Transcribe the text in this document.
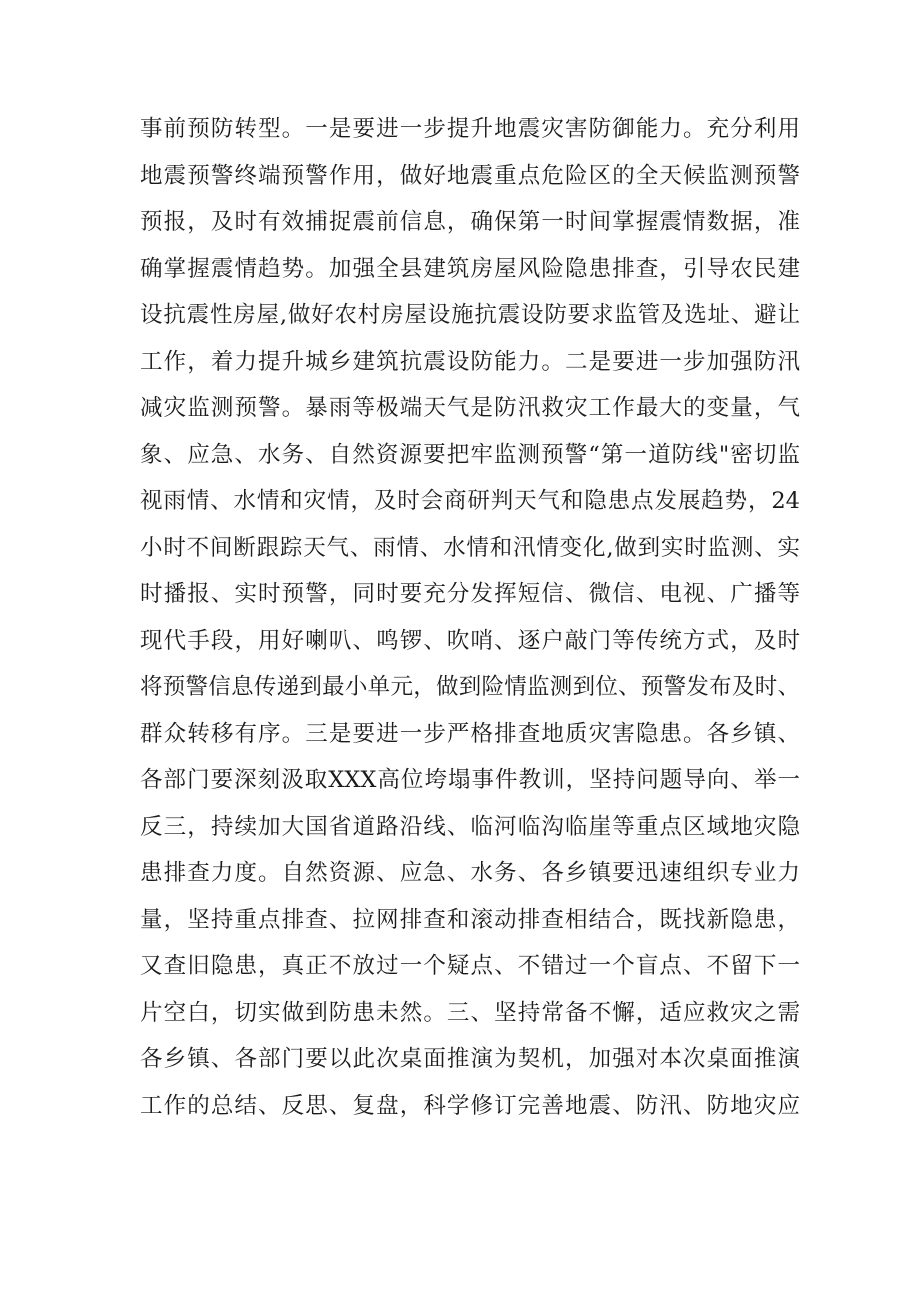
事前预防转型。一是要进一步提升地震灾害防御能力。充分利用
地震预警终端预警作用，做好地震重点危险区的全天候监测预警
预报，及时有效捕捉震前信息，确保第一时间掌握震情数据，准
确掌握震情趋势。加强全县建筑房屋风险隐患排查，引导农民建
设抗震性房屋,做好农村房屋设施抗震设防要求监管及选址、避让
工作，着力提升城乡建筑抗震设防能力。二是要进一步加强防汛
减灾监测预警。暴雨等极端天气是防汛救灾工作最大的变量，气
象、应急、水务、自然资源要把牢监测预警“第一道防线"密切监
视雨情、水情和灾情，及时会商研判天气和隐患点发展趋势，24
小时不间断跟踪天气、雨情、水情和汛情变化,做到实时监测、实
时播报、实时预警，同时要充分发挥短信、微信、电视、广播等
现代手段，用好喇叭、鸣锣、吹哨、逐户敲门等传统方式，及时
将预警信息传递到最小单元，做到险情监测到位、预警发布及时、
群众转移有序。三是要进一步严格排查地质灾害隐患。各乡镇、
各部门要深刻汲取XXX高位垮塌事件教训，坚持问题导向、举一
反三，持续加大国省道路沿线、临河临沟临崖等重点区域地灾隐
患排查力度。自然资源、应急、水务、各乡镇要迅速组织专业力
量，坚持重点排查、拉网排查和滚动排查相结合，既找新隐患，
又查旧隐患，真正不放过一个疑点、不错过一个盲点、不留下一
片空白，切实做到防患未然。三、坚持常备不懈，适应救灾之需
各乡镇、各部门要以此次桌面推演为契机，加强对本次桌面推演
工作的总结、反思、复盘，科学修订完善地震、防汛、防地灾应
